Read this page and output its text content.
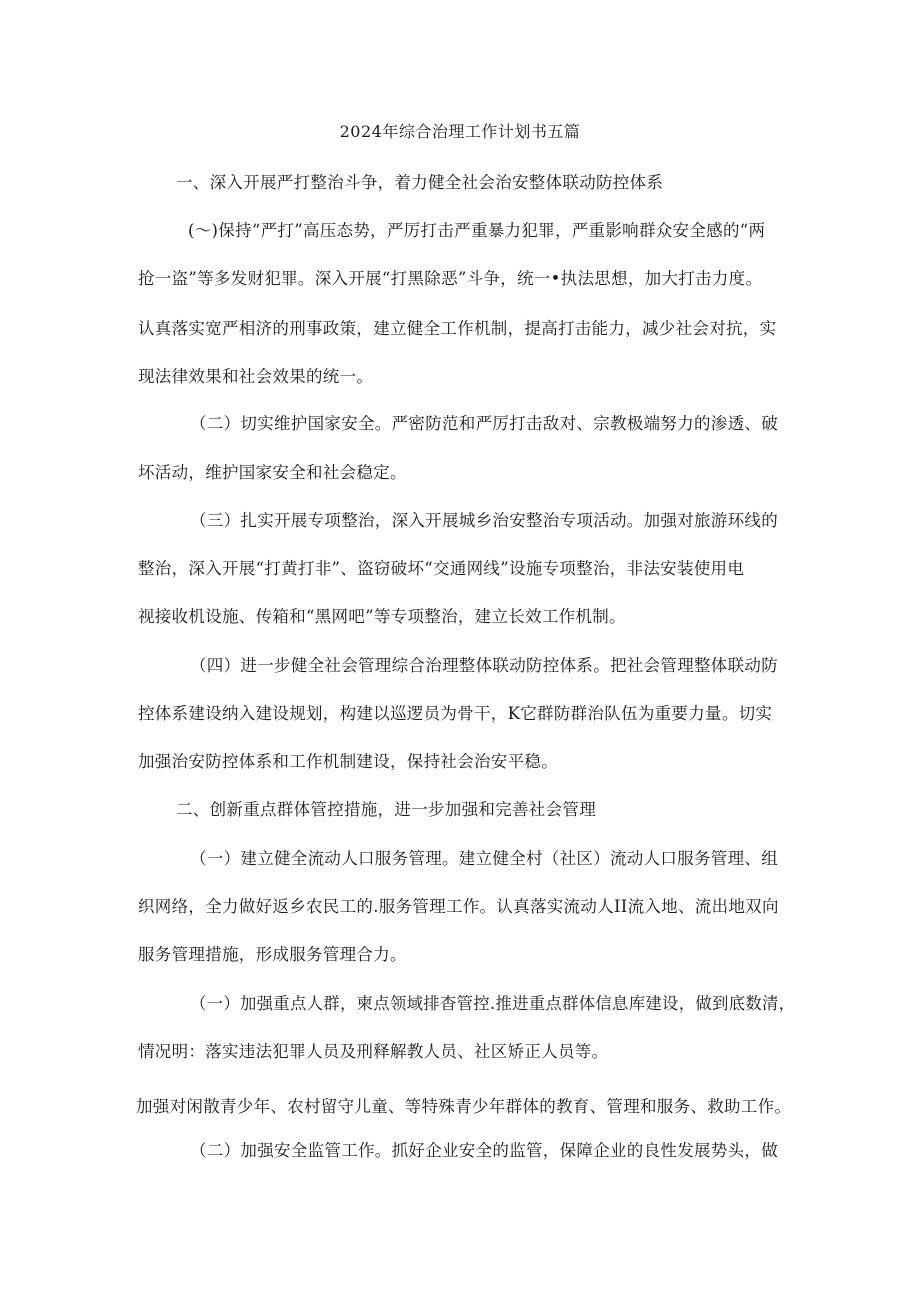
2024年综合治理工作计划书五篇
一、深入开展严打整治斗争，着力健全社会治安整体联动防控体系
(〜)保持“严打”高压态势，严厉打击严重暴力犯罪，严重影响群众安全感的“两
抢一盗”等多发财犯罪。深入开展“打黑除恶”斗争，统一•执法思想，加大打击力度。
认真落实宽严相济的刑事政策，建立健全工作机制，提高打击能力，减少社会对抗，实
现法律效果和社会效果的统一。
（二）切实维护国家安全。严密防范和严厉打击敌对、宗教极端努力的渗透、破
坏活动，维护国家安全和社会稳定。
（三）扎实开展专项整治，深入开展城乡治安整治专项活动。加强对旅游环线的
整治，深入开展“打黄打非”、盗窃破坏“交通网线”设施专项整治，非法安装使用电
视接收机设施、传箱和“黑网吧”等专项整治，建立长效工作机制。
（四）进一步健全社会管理综合治理整体联动防控体系。把社会管理整体联动防
控体系建设纳入建设规划，构建以巡逻员为骨干，K它群防群治队伍为重要力量。切实
加强治安防控体系和工作机制建设，保持社会治安平稳。
二、创新重点群体管控措施，进一步加强和完善社会管理
（一）建立健全流动人口服务管理。建立健全村（社区）流动人口服务管理、组
织网络，全力做好返乡农民工的.服务管理工作。认真落实流动人II流入地、流出地双向
服务管理措施，形成服务管理合力。
（一）加强重点人群，柬点领域排杳管控.推进重点群体信息库建设，做到底数清，
情况明：落实违法犯罪人员及刑释解教人员、社区矫正人员等。
加强对闲散青少年、农村留守儿童、等特殊青少年群体的教育、管理和服务、救助工作。
（二）加强安全监管工作。抓好企业安全的监管，保障企业的良性发展势头，做
